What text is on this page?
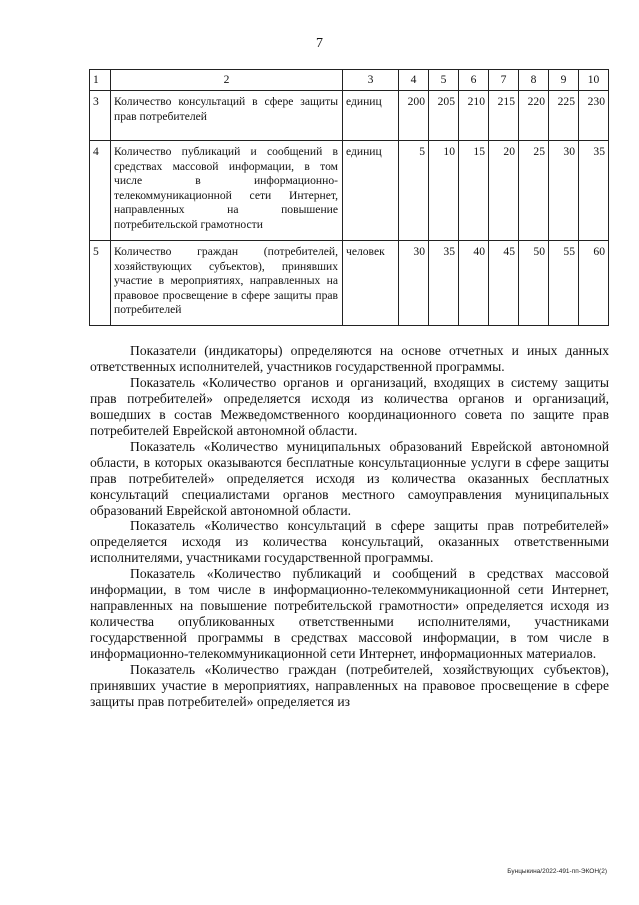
7
1	2	3	4	5	6	7	8	9	10
3	Количество консультаций в сфере защиты прав потребителей	единиц	200	205	210	215	220	225	230
4	Количество публикаций и сообщений в средствах массовой информации, в том числе в информационно-телекоммуникационной сети Интернет, направленных на повышение потребительской грамотности	единиц	5	10	15	20	25	30	35
5	Количество граждан (потребителей, хозяйствующих субъектов), принявших участие в мероприятиях, направленных на правовое просвещение в сфере защиты прав потребителей	человек	30	35	40	45	50	55	60

Показатели (индикаторы) определяются на основе отчетных и иных данных ответственных исполнителей, участников государственной программы.

Показатель «Количество органов и организаций, входящих в систему защиты прав потребителей» определяется исходя из количества органов и организаций, вошедших в состав Межведомственного координационного совета по защите прав потребителей Еврейской автономной области.

Показатель «Количество муниципальных образований Еврейской автономной области, в которых оказываются бесплатные консультационные услуги в сфере защиты прав потребителей» определяется исходя из количества оказанных бесплатных консультаций специалистами органов местного самоуправления муниципальных образований Еврейской автономной области.

Показатель «Количество консультаций в сфере защиты прав потребителей» определяется исходя из количества консультаций, оказанных ответственными исполнителями, участниками государственной программы.

Показатель «Количество публикаций и сообщений в средствах массовой информации, в том числе в информационно-телекоммуникационной сети Интернет, направленных на повышение потребительской грамотности» определяется исходя из количества опубликованных ответственными исполнителями, участниками государственной программы в средствах массовой информации, в том числе в информационно-телекоммуникационной сети Интернет, информационных материалов.

Показатель «Количество граждан (потребителей, хозяйствующих субъектов), принявших участие в мероприятиях, направленных на правовое просвещение в сфере защиты прав потребителей» определяется из

Бунцыкина/2022-491-пп-ЭКОН(2)
